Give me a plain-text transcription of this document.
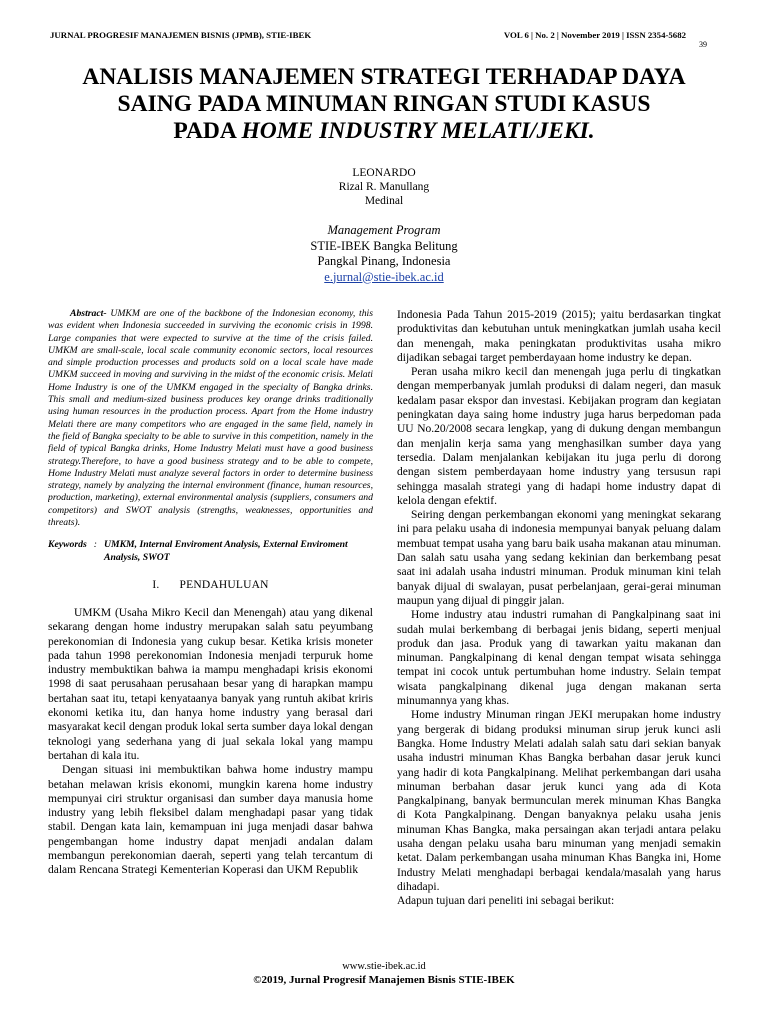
JURNAL PROGRESIF MANAJEMEN BISNIS (JPMB), STIE-IBEK	VOL 6 | No. 2 | November 2019 | ISSN 2354-5682
39
ANALISIS MANAJEMEN STRATEGI TERHADAP DAYA
SAING PADA MINUMAN RINGAN STUDI KASUS
PADA HOME INDUSTRY MELATI/JEKI.
LEONARDO
Rizal R. Manullang
Medinal
Management Program
STIE-IBEK Bangka Belitung
Pangkal Pinang, Indonesia
e.jurnal@stie-ibek.ac.id

Abstract- UMKM are one of the backbone of the Indonesian economy, this was evident when Indonesia succeeded in surviving the economic crisis in 1998. Large companies that were expected to survive at the time of the crisis failed. UMKM are small-scale, local scale community economic sectors, local resources and simple production processes and products sold on a local scale have made UMKM succeed in moving and surviving in the midst of the economic crisis. Melati Home Industry is one of the UMKM engaged in the specialty of Bangka drinks. This small and medium-sized business produces key orange drinks traditionally using human resources in the production process. Apart from the Home industry Melati there are many competitors who are engaged in the same field, namely in the field of Bangka specialty to be able to survive in this competition, namely in the field of typical Bangka drinks, Home Industry Melati must have a good business strategy.Therefore, to have a good business strategy and to be able to compete, Home Industry Melati must analyze several factors in order to determine business strategy, namely by analyzing the internal environment (finance, human resources, production, marketing), external environmental analysis (suppliers, consumers and competitors) and SWOT analysis (strengths, weaknesses, opportunities and threats).

Keywords : UMKM, Internal Enviroment Analysis, External Enviroment Analysis, SWOT
I. PENDAHULUAN

UMKM (Usaha Mikro Kecil dan Menengah) atau yang dikenal sekarang dengan home industry merupakan salah satu peyumbang perekonomian di Indonesia yang cukup besar. Ketika krisis moneter pada tahun 1998 perekonomian Indonesia menjadi terpuruk home industry membuktikan bahwa ia mampu menghadapi krisis ekonomi 1998 di saat perusahaan perusahaan besar yang di harapkan mampu bertahan saat itu, tetapi kenyataanya banyak yang runtuh akibat kriris ekonomi ketika itu, dan hanya home industry yang berasal dari masyarakat kecil dengan produk lokal serta sumber daya lokal dengan teknologi yang sederhana yang di jual sekala lokal yang mampu bertahan di kala itu.

Dengan situasi ini membuktikan bahwa home industry mampu betahan melawan krisis ekonomi, mungkin karena home industry mempunyai ciri struktur organisasi dan sumber daya manusia home industry yang lebih fleksibel dalam menghadapi pasar yang tidak stabil. Dengan kata lain, kemampuan ini juga menjadi dasar bahwa pengembangan home industry dapat menjadi andalan dalam membangun perekonomian daerah, seperti yang telah tercantum di dalam Rencana Strategi Kementerian Koperasi dan UKM Republik

Indonesia Pada Tahun 2015-2019 (2015); yaitu berdasarkan tingkat produktivitas dan kebutuhan untuk meningkatkan jumlah usaha kecil dan menengah, maka peningkatan produktivitas usaha mikro dijadikan sebagai target pemberdayaan home industry ke depan.

Peran usaha mikro kecil dan menengah juga perlu di tingkatkan dengan memperbanyak jumlah produksi di dalam negeri, dan masuk kedalam pasar ekspor dan investasi. Kebijakan program dan kegiatan peningkatan daya saing home industry juga harus berpedoman pada UU No.20/2008 secara lengkap, yang di dukung dengan membangun dan menjalin kerja sama yang menghasilkan sumber daya yang tersedia. Dalam menjalankan kebijakan itu juga perlu di dorong dengan sistem pemberdayaan home industry yang tersusun rapi sehingga masalah strategi yang di hadapi home industry dapat di kelola dengan efektif.

Seiring dengan perkembangan ekonomi yang meningkat sekarang ini para pelaku usaha di indonesia mempunyai banyak peluang dalam membuat tempat usaha yang baru baik usaha makanan atau minuman. Dan salah satu usaha yang sedang kekinian dan berkembang pesat saat ini adalah usaha industri minuman. Produk minuman kini telah banyak dijual di swalayan, pusat perbelanjaan, gerai-gerai minuman maupun yang dijual di pinggir jalan.

Home industry atau industri rumahan di Pangkalpinang saat ini sudah mulai berkembang di berbagai jenis bidang, seperti menjual produk dan jasa. Produk yang di tawarkan yaitu makanan dan minuman. Pangkalpinang di kenal dengan tempat wisata sehingga tempat ini cocok untuk pertumbuhan home industry. Selain tempat wisata pangkalpinang dikenal juga dengan makanan serta minumannya yang khas.

Home industry Minuman ringan JEKI merupakan home industry yang bergerak di bidang produksi minuman sirup jeruk kunci asli Bangka. Home Industry Melati adalah salah satu dari sekian banyak usaha industri minuman Khas Bangka berbahan dasar jeruk kunci yang hadir di kota Pangkalpinang. Melihat perkembangan dari usaha minuman berbahan dasar jeruk kunci yang ada di Kota Pangkalpinang, banyak bermunculan merek minuman Khas Bangka di Kota Pangkalpinang. Dengan banyaknya pelaku usaha jenis minuman Khas Bangka, maka persaingan akan terjadi antara pelaku usaha dengan pelaku usaha baru minuman yang menjadi semakin ketat. Dalam perkembangan usaha minuman Khas Bangka ini, Home Industry Melati menghadapi berbagai kendala/masalah yang harus dihadapi.

Adapun tujuan dari peneliti ini sebagai berikut:

www.stie-ibek.ac.id
©2019, Jurnal Progresif Manajemen Bisnis STIE-IBEK
